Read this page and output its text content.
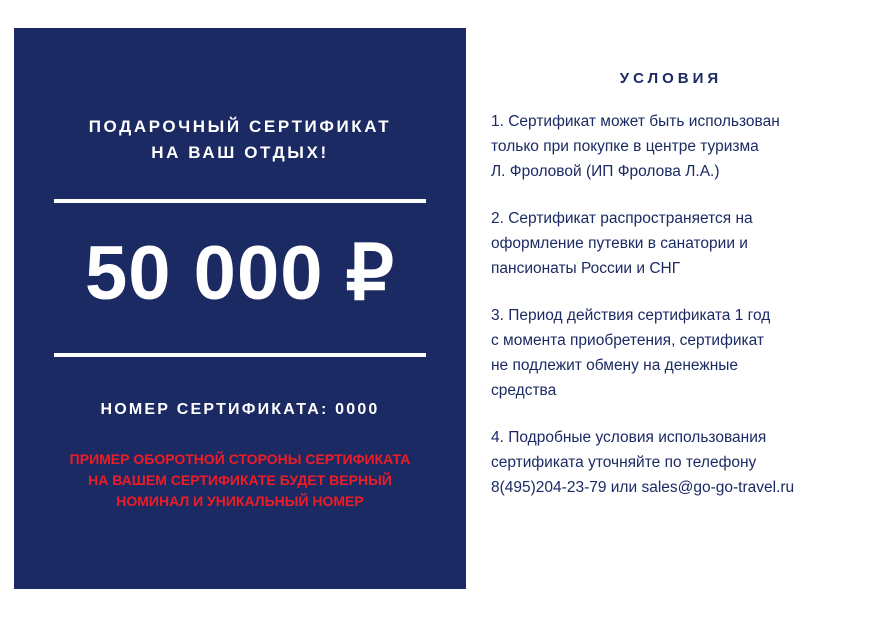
ПОДАРОЧНЫЙ СЕРТИФИКАТ
НА ВАШ ОТДЫХ!
50 000 ₽
НОМЕР СЕРТИФИКАТА: 0000
ПРИМЕР ОБОРОТНОЙ СТОРОНЫ СЕРТИФИКАТА
НА ВАШЕМ СЕРТИФИКАТЕ БУДЕТ ВЕРНЫЙ
НОМИНАЛ И УНИКАЛЬНЫЙ НОМЕР
УСЛОВИЯ

1. Сертификат может быть использован

только при покупке в центре туризма

Л. Фроловой (ИП Фролова Л.А.)

2. Сертификат распространяется на

оформление путевки в санатории и

пансионаты России и СНГ

3. Период действия сертификата 1 год

с момента приобретения, сертификат

не подлежит обмену на денежные

средства

4. Подробные условия использования

сертификата уточняйте по телефону

8(495)204-23-79 или sales@go-go-travel.ru
